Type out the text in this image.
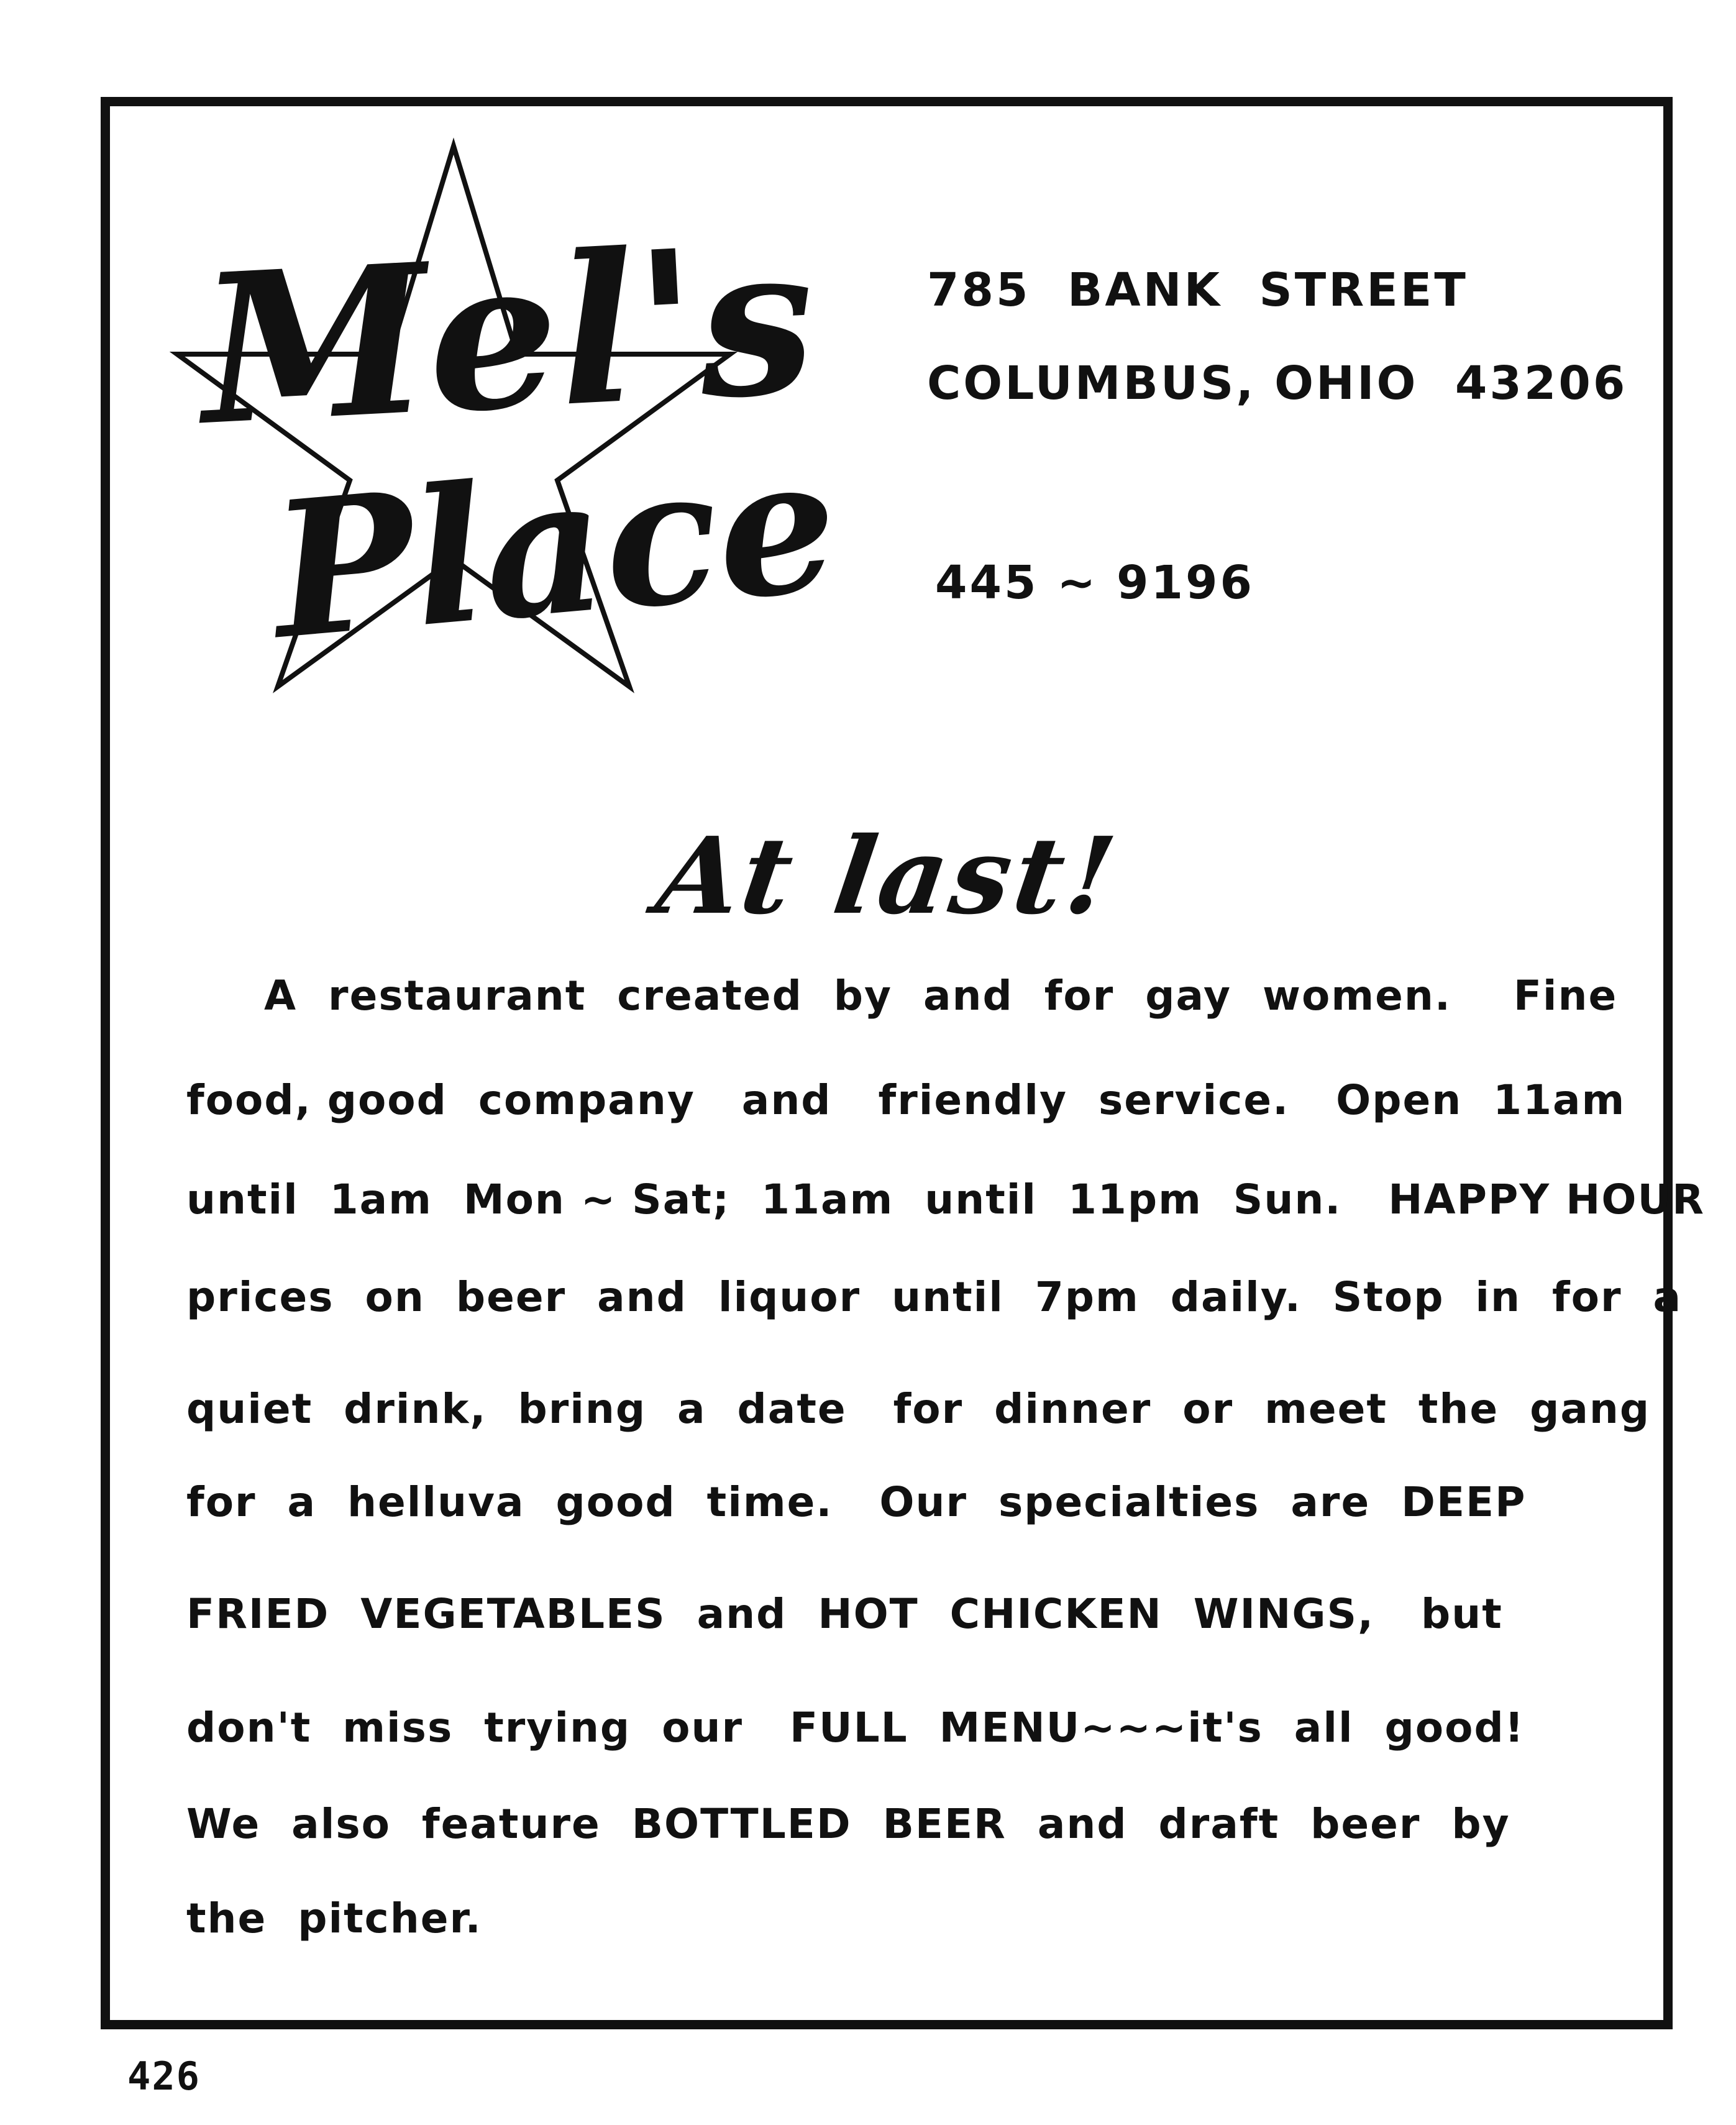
Mel's
Place
785  BANK  STREET
COLUMBUS, OHIO  43206
445 ~ 9196
At last!
A  restaurant  created  by  and  for  gay  women.    Fine
food, good  company   and   friendly  service.   Open  11am
until  1am  Mon ~ Sat;  11am  until  11pm  Sun.   HAPPY HOUR
prices  on  beer  and  liquor  until  7pm  daily.  Stop  in  for  a
quiet  drink,  bring  a  date   for  dinner  or  meet  the  gang
for  a  helluva  good  time.   Our  specialties  are  DEEP
FRIED  VEGETABLES  and  HOT  CHICKEN  WINGS,   but
don't  miss  trying  our   FULL  MENU~~~it's  all  good!
We  also  feature  BOTTLED  BEER  and  draft  beer  by
the  pitcher.
426
